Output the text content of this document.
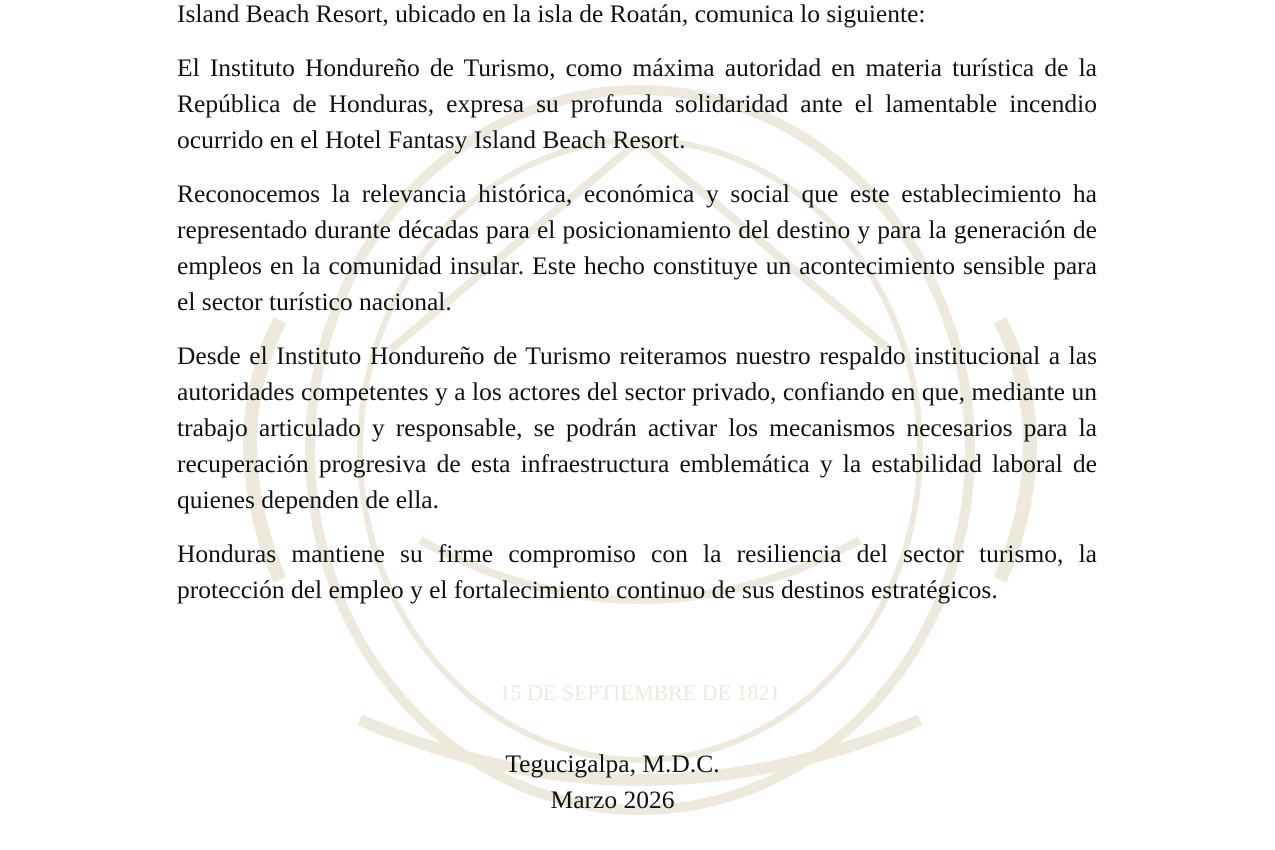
15 DE SEPTIEMBRE DE 1821

Island Beach Resort, ubicado en la isla de Roatán, comunica lo siguiente:

El Instituto Hondureño de Turismo, como máxima autoridad en materia turística de la República de Honduras, expresa su profunda solidaridad ante el lamentable incendio ocurrido en el Hotel Fantasy Island Beach Resort.

Reconocemos la relevancia histórica, económica y social que este establecimiento ha representado durante décadas para el posicionamiento del destino y para la generación de empleos en la comunidad insular. Este hecho constituye un acontecimiento sensible para el sector turístico nacional.

Desde el Instituto Hondureño de Turismo reiteramos nuestro respaldo institucional a las autoridades competentes y a los actores del sector privado, confiando en que, mediante un trabajo articulado y responsable, se podrán activar los mecanismos necesarios para la recuperación progresiva de esta infraestructura emblemática y la estabilidad laboral de quienes dependen de ella.

Honduras mantiene su firme compromiso con la resiliencia del sector turismo, la protección del empleo y el fortalecimiento continuo de sus destinos estratégicos.

Tegucigalpa, M.D.C.
Marzo 2026
